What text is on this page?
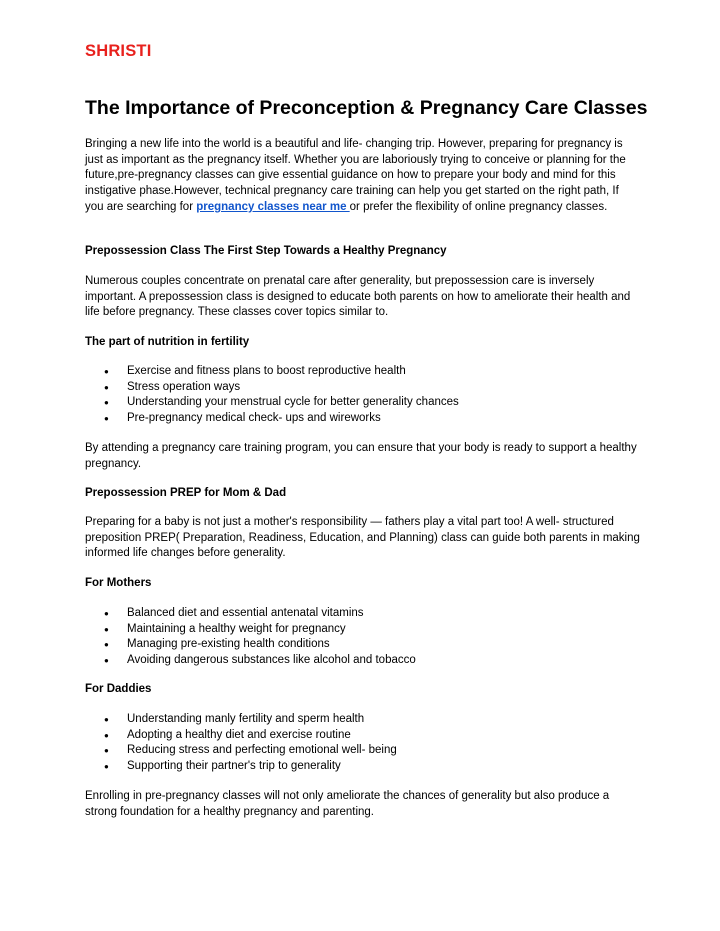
SHRISTI
The Importance of Preconception & Pregnancy Care Classes

Bringing a new life into the world is a beautiful and life- changing trip. However, preparing for pregnancy is just as important as the pregnancy itself. Whether you are laboriously trying to conceive or planning for the future,pre-pregnancy classes can give essential guidance on how to prepare your body and mind for this instigative phase.However, technical pregnancy care training can help you get started on the right path, If you are searching for pregnancy classes near me or prefer the flexibility of online pregnancy classes.

Prepossession Class The First Step Towards a Healthy Pregnancy

Numerous couples concentrate on prenatal care after generality, but prepossession care is inversely important. A prepossession class is designed to educate both parents on how to ameliorate their health and life before pregnancy. These classes cover topics similar to.

The part of nutrition in fertility
● Exercise and fitness plans to boost reproductive health
● Stress operation ways
● Understanding your menstrual cycle for better generality chances
● Pre-pregnancy medical check- ups and wireworks

By attending a pregnancy care training program, you can ensure that your body is ready to support a healthy pregnancy.

Prepossession PREP for Mom & Dad

Preparing for a baby is not just a mother's responsibility — fathers play a vital part too! A well- structured preposition PREP( Preparation, Readiness, Education, and Planning) class can guide both parents in making informed life changes before generality.

For Mothers
● Balanced diet and essential antenatal vitamins
● Maintaining a healthy weight for pregnancy
● Managing pre-existing health conditions
● Avoiding dangerous substances like alcohol and tobacco
For Daddies
● Understanding manly fertility and sperm health
● Adopting a healthy diet and exercise routine
● Reducing stress and perfecting emotional well- being
● Supporting their partner's trip to generality

Enrolling in pre-pregnancy classes will not only ameliorate the chances of generality but also produce a strong foundation for a healthy pregnancy and parenting.
